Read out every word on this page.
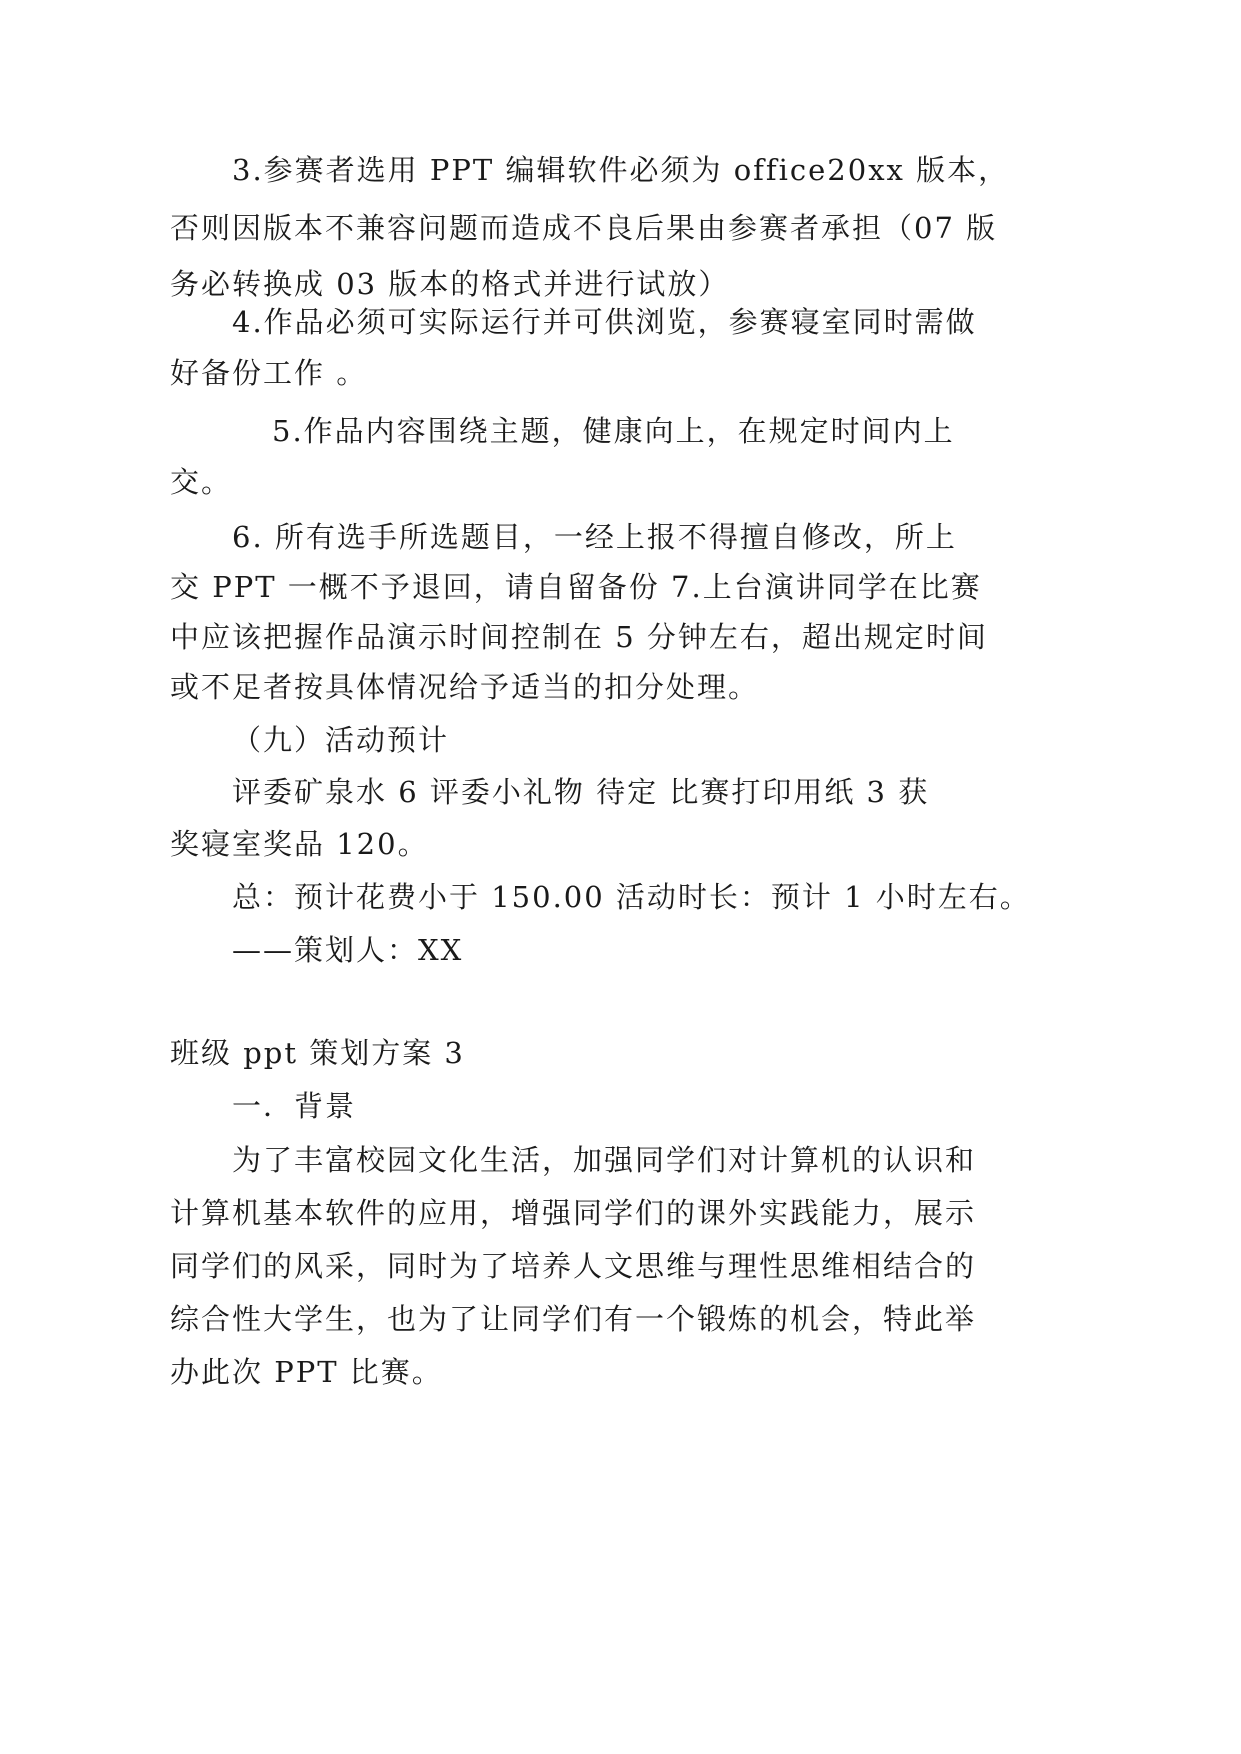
3.参赛者选用 PPT 编辑软件必须为 office20xx 版本，
否则因版本不兼容问题而造成不良后果由参赛者承担（07 版
务必转换成 03 版本的格式并进行试放）
4.作品必须可实际运行并可供浏览，参赛寝室同时需做
好备份工作 。
5.作品内容围绕主题，健康向上，在规定时间内上
交。
6. 所有选手所选题目，一经上报不得擅自修改，所上
交 PPT 一概不予退回，请自留备份 7.上台演讲同学在比赛
中应该把握作品演示时间控制在 5 分钟左右，超出规定时间
或不足者按具体情况给予适当的扣分处理。
（九）活动预计
评委矿泉水 6 评委小礼物 待定 比赛打印用纸 3 获
奖寝室奖品 120。
总：预计花费小于 150.00 活动时长：预计 1 小时左右。
——策划人：XX
班级 ppt 策划方案 3
一．背景
为了丰富校园文化生活，加强同学们对计算机的认识和
计算机基本软件的应用，增强同学们的课外实践能力，展示
同学们的风采，同时为了培养人文思维与理性思维相结合的
综合性大学生，也为了让同学们有一个锻炼的机会，特此举
办此次 PPT 比赛。
